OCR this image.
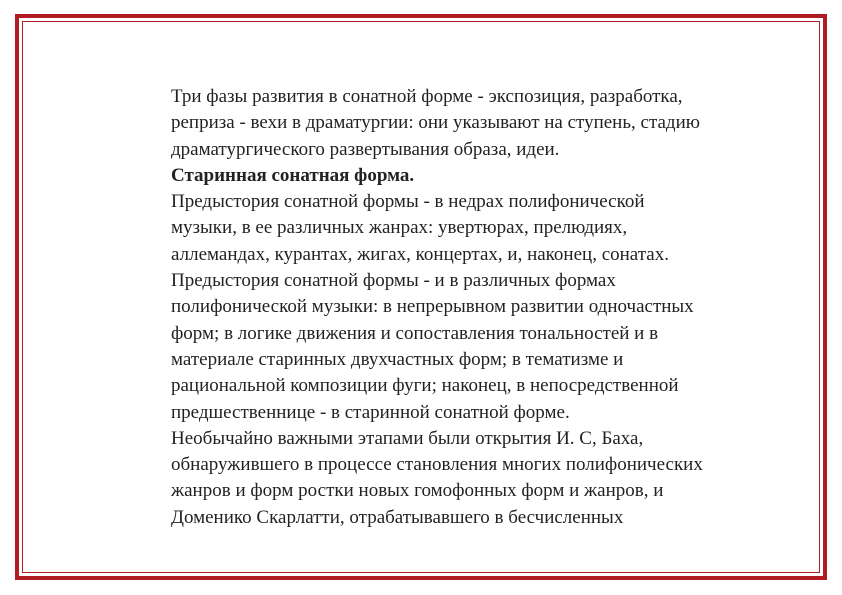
Три фазы развития в сонатной форме - экспозиция, разработка,
реприза - вехи в драматургии: они указывают на ступень, стадию
драматургического развертывания образа, идеи.
Старинная сонатная форма.
Предыстория сонатной формы - в недрах полифонической
музыки, в ее различных жанрах: увертюрах, прелюдиях,
аллемандах, курантах, жигах, концертах, и, наконец, сонатах.
Предыстория сонатной формы - и в различных формах
полифонической музыки: в непрерывном развитии одночастных
форм; в логике движения и сопоставления тональностей и в
материале старинных двухчастных форм; в тематизме и
рациональной композиции фуги; наконец, в непосредственной
предшественнице - в старинной сонатной форме.
Необычайно важными этапами были открытия И. С, Баха,
обнаружившего в процессе становления многих полифонических
жанров и форм ростки новых гомофонных форм и жанров, и
Доменико Скарлатти, отрабатывавшего в бесчисленных
